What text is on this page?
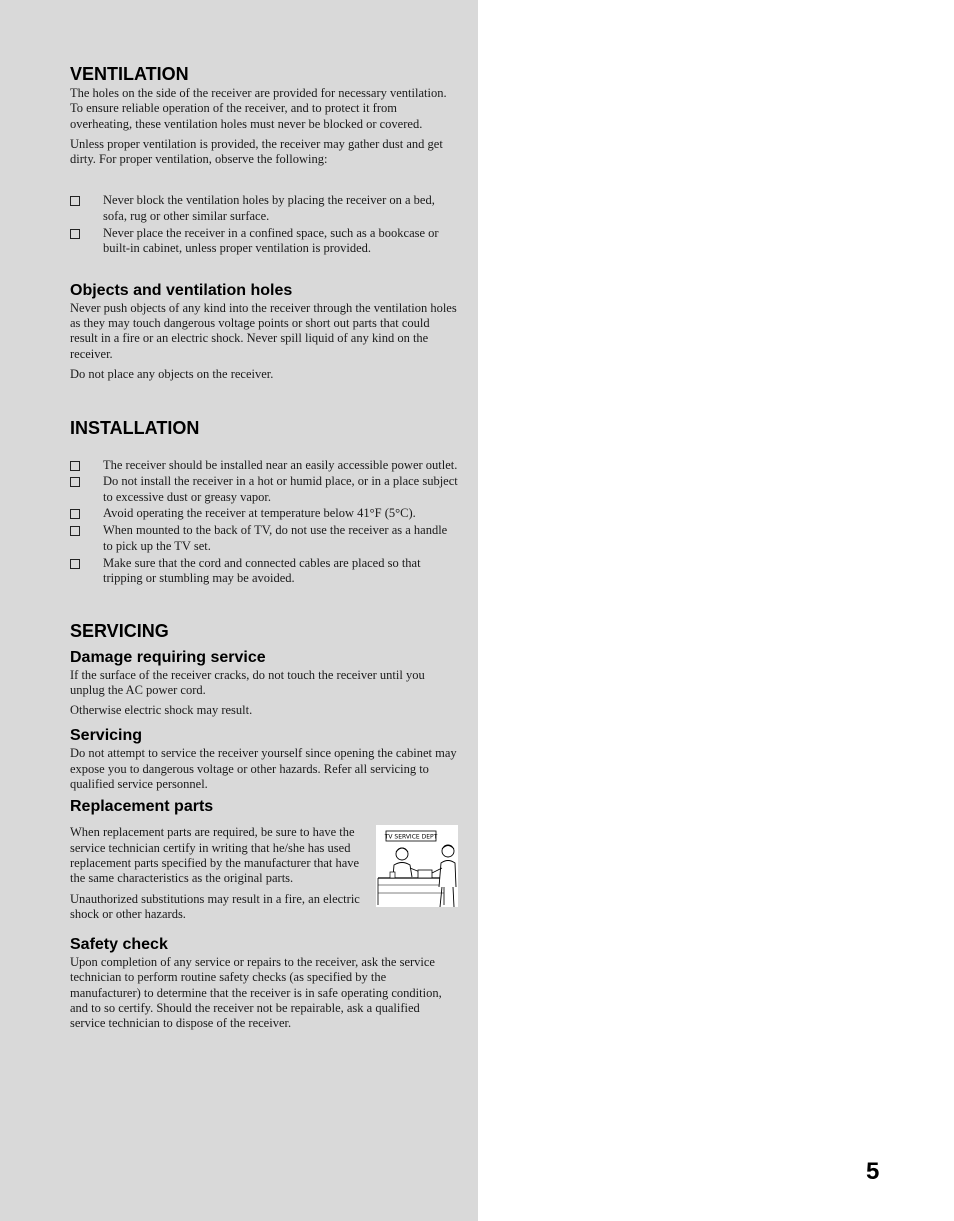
VENTILATION

The holes on the side of the receiver are provided for necessary ventilation. To ensure reliable operation of the receiver, and to protect it from overheating, these ventilation holes must never be blocked or covered.

Unless proper ventilation is provided, the receiver may gather dust and get dirty. For proper ventilation, observe the following:

Never block the ventilation holes by placing the receiver on a bed, sofa, rug or other similar surface.
Never place the receiver in a confined space, such as a bookcase or built-in cabinet, unless proper ventilation is provided.
Objects and ventilation holes

Never push objects of any kind into the receiver through the ventilation holes as they may touch dangerous voltage points or short out parts that could result in a fire or an electric shock. Never spill liquid of any kind on the receiver.

Do not place any objects on the receiver.

INSTALLATION
The receiver should be installed near an easily accessible power outlet.
Do not install the receiver in a hot or humid place, or in a place subject to excessive dust or greasy vapor.
Avoid operating the receiver at temperature below 41°F (5°C).
When mounted to the back of TV, do not use the receiver as a handle to pick up the TV set.
Make sure that the cord and connected cables are placed so that tripping or stumbling may be avoided.
SERVICING
Damage requiring service

If the surface of the receiver cracks, do not touch the receiver until you unplug the AC power cord.

Otherwise electric shock may result.

Servicing

Do not attempt to service the receiver yourself since opening the cabinet may expose you to dangerous voltage or other hazards. Refer all servicing to qualified service personnel.

Replacement parts

When replacement parts are required, be sure to have the service technician certify in writing that he/she has used replacement parts specified by the manufacturer that have the same characteristics as the original parts.

Unauthorized substitutions may result in a fire, an electric shock or other hazards.

TV SERVICE DEPT
Safety check

Upon completion of any service or repairs to the receiver, ask the service technician to perform routine safety checks (as specified by the manufacturer) to determine that the receiver is in safe operating condition, and to so certify. Should the receiver not be repairable, ask a qualified service technician to dispose of the receiver.

5
